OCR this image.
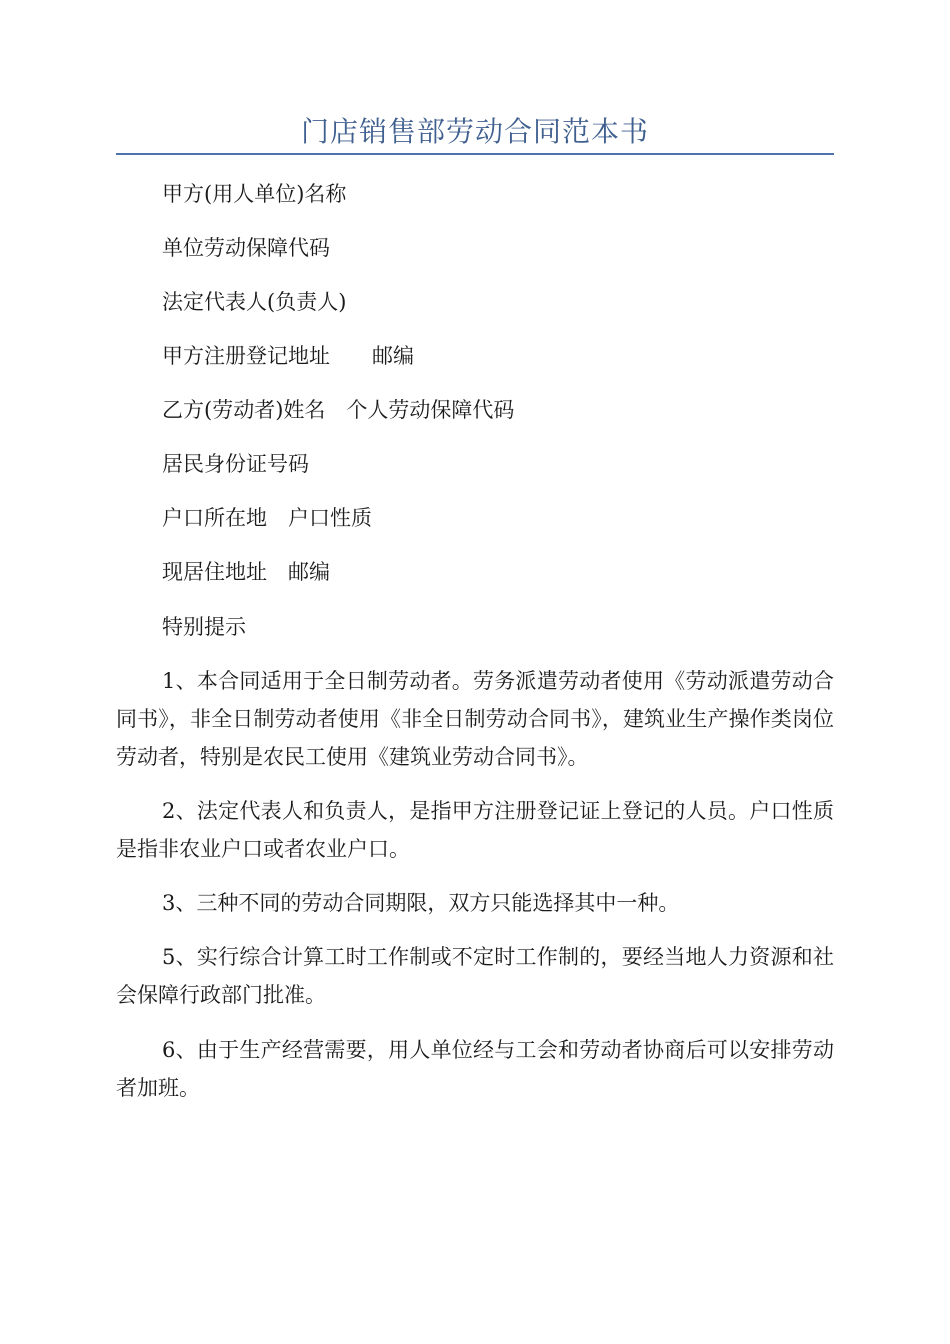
门店销售部劳动合同范本书
甲方(用人单位)名称
单位劳动保障代码
法定代表人(负责人)
甲方注册登记地址　　邮编
乙方(劳动者)姓名　个人劳动保障代码
居民身份证号码
户口所在地　户口性质
现居住地址　邮编
特别提示

1、本合同适用于全日制劳动者。劳务派遣劳动者使用《劳动派遣劳动合同书》，非全日制劳动者使用《非全日制劳动合同书》，建筑业生产操作类岗位劳动者，特别是农民工使用《建筑业劳动合同书》。

2、法定代表人和负责人，是指甲方注册登记证上登记的人员。户口性质是指非农业户口或者农业户口。

3、三种不同的劳动合同期限，双方只能选择其中一种。

5、实行综合计算工时工作制或不定时工作制的，要经当地人力资源和社会保障行政部门批准。

6、由于生产经营需要，用人单位经与工会和劳动者协商后可以安排劳动者加班。
